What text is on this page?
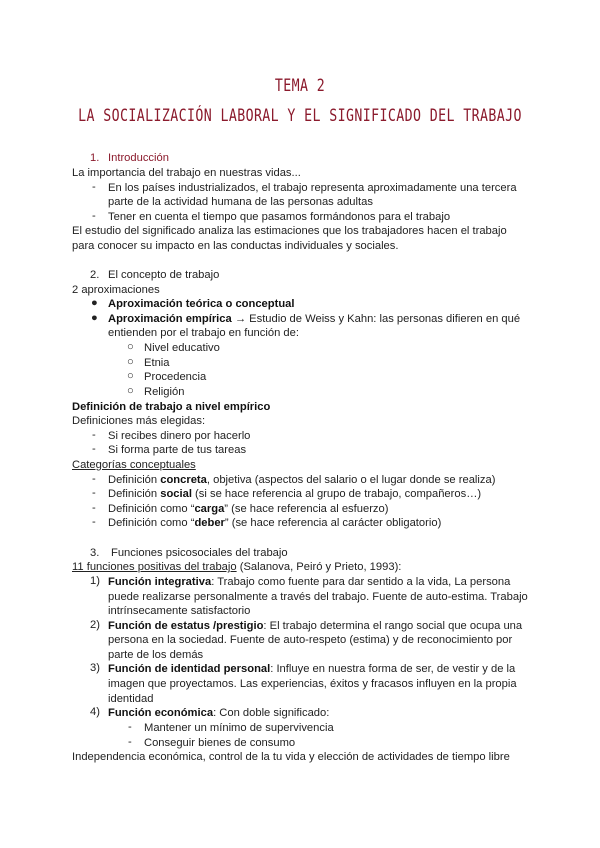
TEMA 2
LA SOCIALIZACIÓN LABORAL Y EL SIGNIFICADO DEL TRABAJO
1. Introducción
La importancia del trabajo en nuestras vidas...
- En los países industrializados, el trabajo representa aproximadamente una tercera
parte de la actividad humana de las personas adultas
- Tener en cuenta el tiempo que pasamos formándonos para el trabajo
El estudio del significado analiza las estimaciones que los trabajadores hacen el trabajo
para conocer su impacto en las conductas individuales y sociales.
2. El concepto de trabajo
2 aproximaciones
● Aproximación teórica o conceptual
● Aproximación empírica → Estudio de Weiss y Kahn: las personas difieren en qué
entienden por el trabajo en función de:
○ Nivel educativo
○ Etnia
○ Procedencia
○ Religión
Definición de trabajo a nivel empírico
Definiciones más elegidas:
- Si recibes dinero por hacerlo
- Si forma parte de tus tareas
Categorías conceptuales
- Definición concreta, objetiva (aspectos del salario o el lugar donde se realiza)
- Definición social (si se hace referencia al grupo de trabajo, compañeros…)
- Definición como “carga” (se hace referencia al esfuerzo)
- Definición como “deber” (se hace referencia al carácter obligatorio)
3. Funciones psicosociales del trabajo
11 funciones positivas del trabajo (Salanova, Peiró y Prieto, 1993):
1) Función integrativa: Trabajo como fuente para dar sentido a la vida, La persona
puede realizarse personalmente a través del trabajo. Fuente de auto-estima. Trabajo
intrínsecamente satisfactorio
2) Función de estatus /prestigio: El trabajo determina el rango social que ocupa una
persona en la sociedad. Fuente de auto-respeto (estima) y de reconocimiento por
parte de los demás
3) Función de identidad personal: Influye en nuestra forma de ser, de vestir y de la
imagen que proyectamos. Las experiencias, éxitos y fracasos influyen en la propia
identidad
4) Función económica: Con doble significado:
- Mantener un mínimo de supervivencia
- Conseguir bienes de consumo
Independencia económica, control de la tu vida y elección de actividades de tiempo libre
